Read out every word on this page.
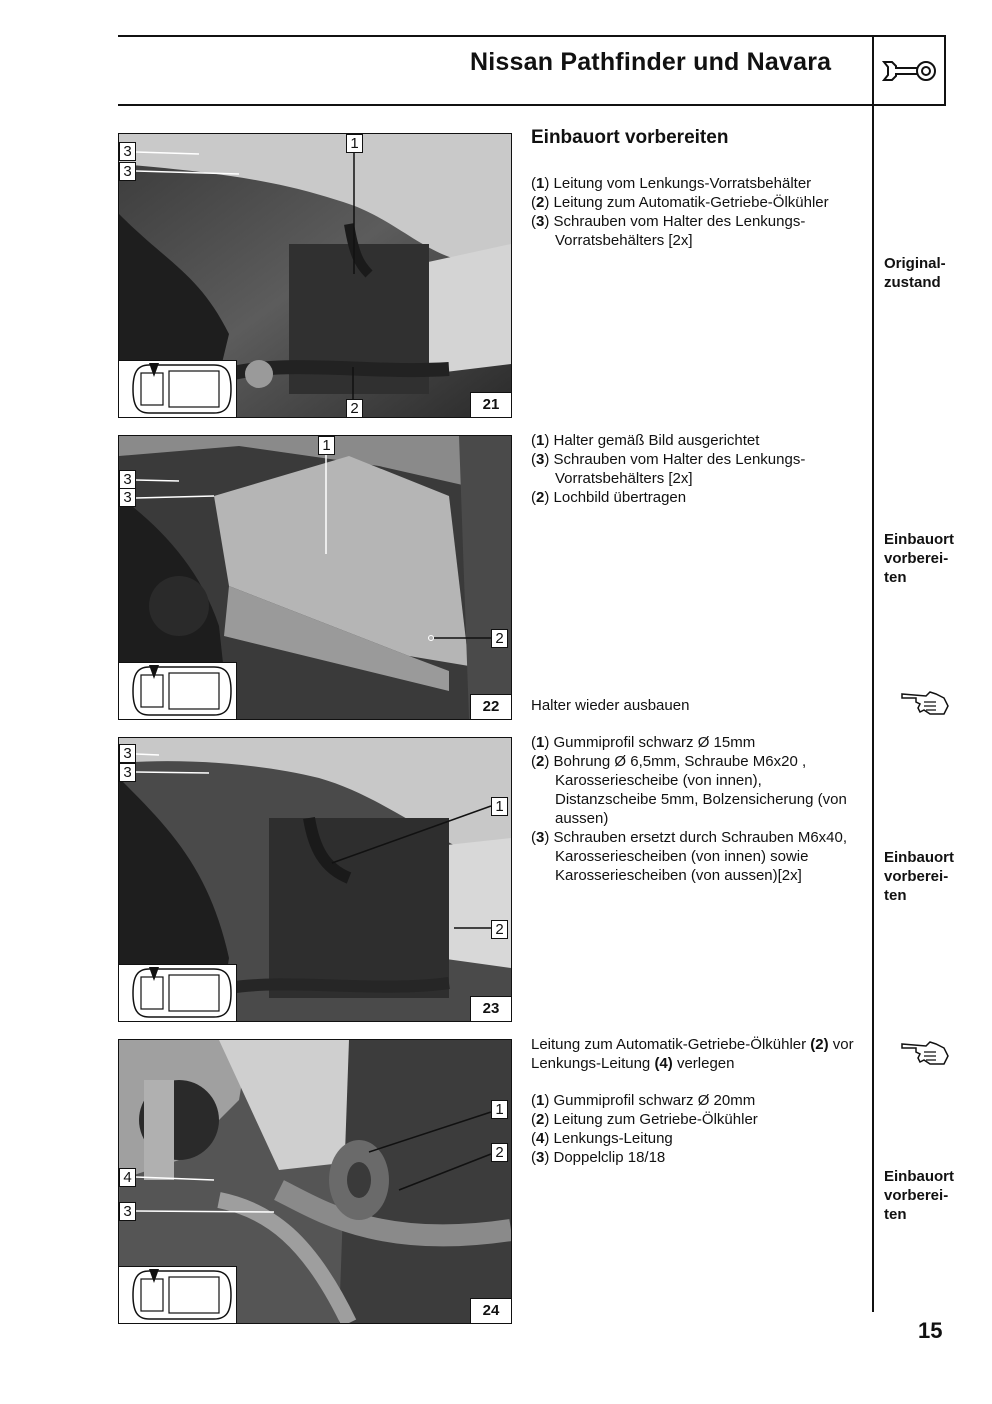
Nissan Pathfinder und Navara
3
3
1
2	21
3
3
1
2
22
3
3
1
2
23
1
2
4
3
24
Einbauort vorbereiten
(1) Leitung vom Lenkungs-Vorratsbehälter
(2) Leitung zum Automatik-Getriebe-Ölkühler
(3) Schrauben vom Halter des Lenkungs-Vorratsbehälters [2x]
(1) Halter gemäß Bild ausgerichtet
(3) Schrauben vom Halter des Lenkungs-Vorratsbehälters [2x]
(2) Lochbild übertragen

Halter wieder ausbauen

(1) Gummiprofil schwarz Ø 15mm
(2) Bohrung Ø 6,5mm, Schraube M6x20 , Karosseriescheibe (von innen), Distanzscheibe 5mm, Bolzensicherung (von aussen)
(3) Schrauben ersetzt durch Schrauben M6x40, Karosseriescheiben (von innen) sowie Karosseriescheiben (von aussen)[2x]

Leitung zum Automatik-Getriebe-Ölkühler (2) vor Lenkungs-Leitung (4) verlegen

(1) Gummiprofil schwarz Ø 20mm
(2) Leitung zum Getriebe-Ölkühler
(4) Lenkungs-Leitung
(3) Doppelclip 18/18
Original-
zustand
Einbauort
vorberei-
ten
Einbauort
vorberei-
ten
Einbauort
vorberei-
ten
15
